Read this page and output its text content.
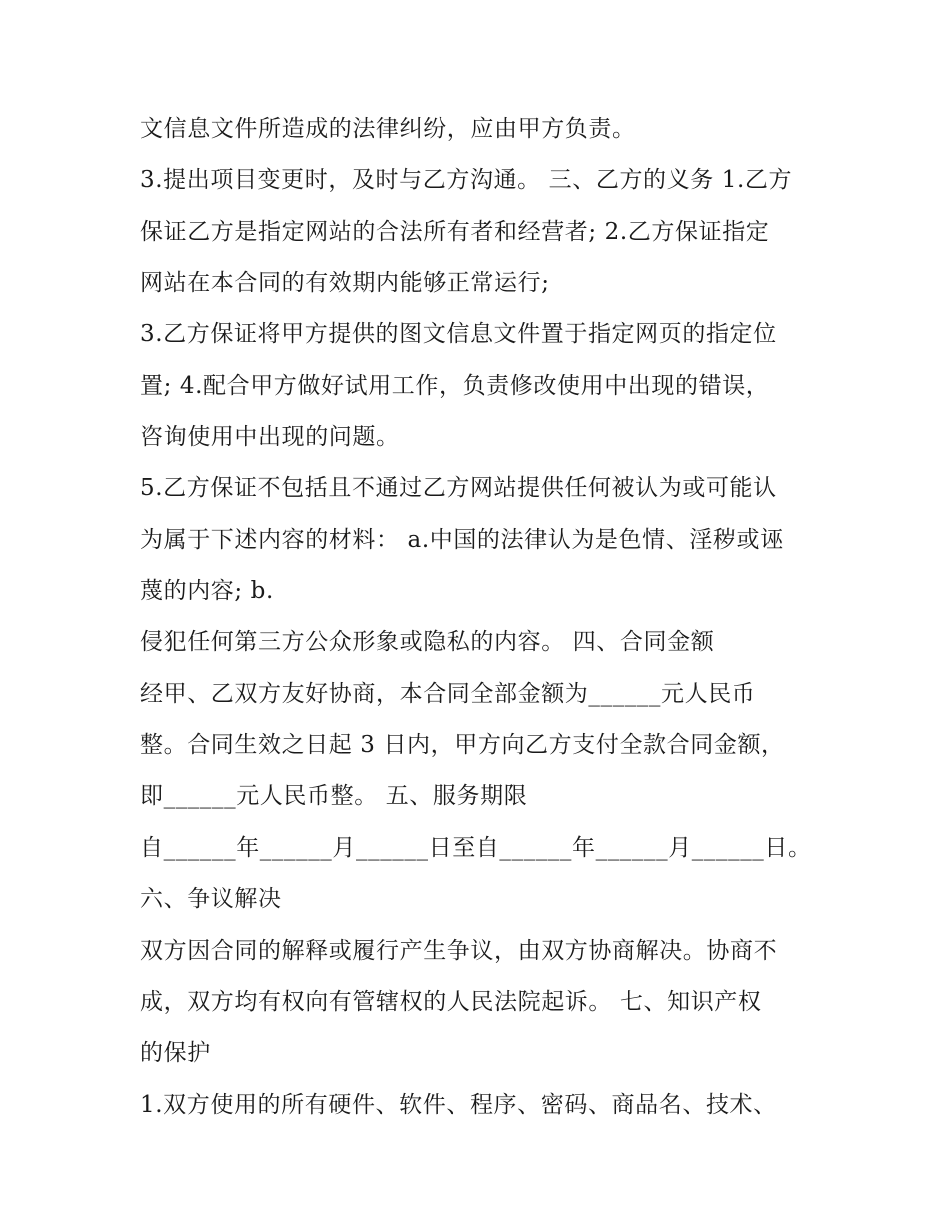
文信息文件所造成的法律纠纷，应由甲方负责。
3.提出项目变更时，及时与乙方沟通。 三、乙方的义务 1.乙方
保证乙方是指定网站的合法所有者和经营者; 2.乙方保证指定
网站在本合同的有效期内能够正常运行;
3.乙方保证将甲方提供的图文信息文件置于指定网页的指定位
置; 4.配合甲方做好试用工作，负责修改使用中出现的错误，
咨询使用中出现的问题。
5.乙方保证不包括且不通过乙方网站提供任何被认为或可能认
为属于下述内容的材料： a.中国的法律认为是色情、淫秽或诬
蔑的内容; b.
侵犯任何第三方公众形象或隐私的内容。 四、合同金额
经甲、乙双方友好协商，本合同全部金额为______元人民币
整。合同生效之日起 3 日内，甲方向乙方支付全款合同金额，
即______元人民币整。 五、服务期限
自______年______月______日至自______年______月______日。
六、争议解决
双方因合同的解释或履行产生争议，由双方协商解决。协商不
成，双方均有权向有管辖权的人民法院起诉。 七、知识产权
的保护
1.双方使用的所有硬件、软件、程序、密码、商品名、技术、
